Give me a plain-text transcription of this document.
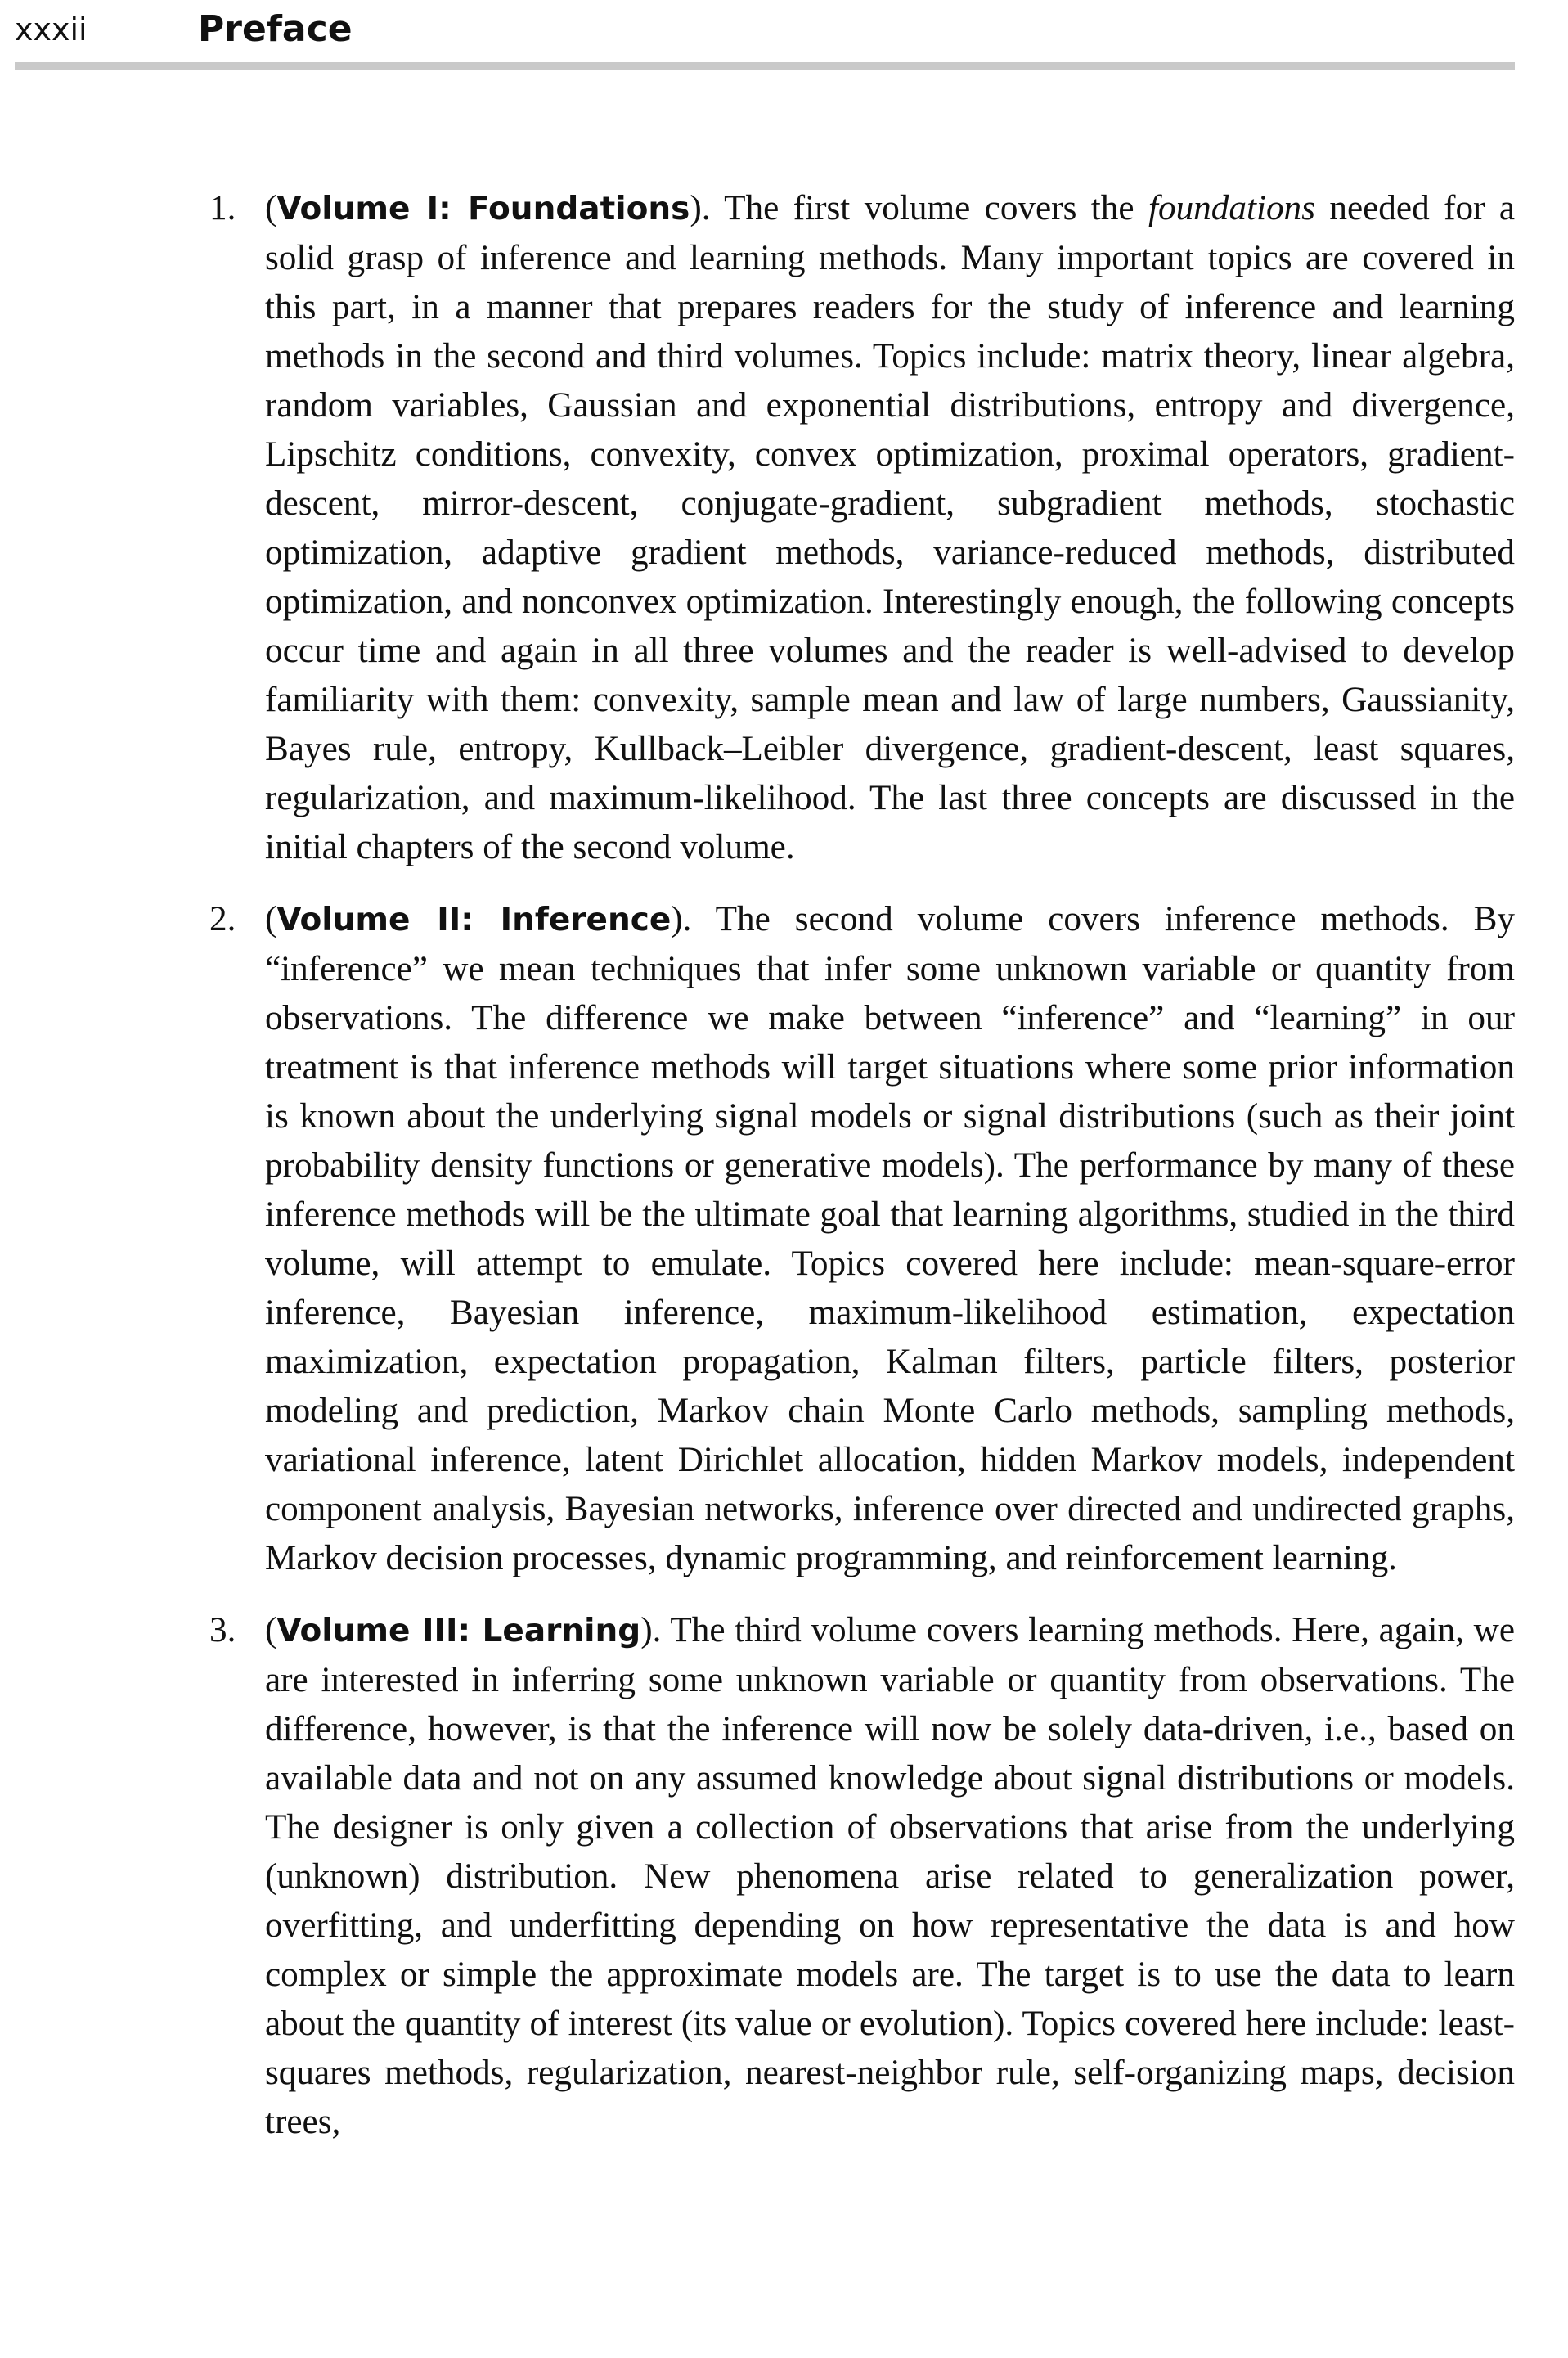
xxxii	Preface
1. (Volume I: Foundations). The first volume covers the foundations needed for a solid grasp of inference and learning methods. Many important topics are covered in this part, in a manner that prepares readers for the study of inference and learning methods in the second and third volumes. Topics include: matrix theory, linear algebra, random variables, Gaussian and exponential distributions, entropy and divergence, Lipschitz conditions, convexity, convex optimization, proximal operators, gradient-descent, mirror-descent, conjugate-gradient, subgradient methods, stochastic optimization, adaptive gradient methods, variance-reduced methods, distributed optimization, and nonconvex optimization. Interestingly enough, the following concepts occur time and again in all three volumes and the reader is well-advised to develop familiarity with them: convexity, sample mean and law of large numbers, Gaussianity, Bayes rule, entropy, Kullback–Leibler divergence, gradient-descent, least squares, regularization, and maximum-likelihood. The last three concepts are discussed in the initial chapters of the second volume.
2. (Volume II: Inference). The second volume covers inference methods. By “inference” we mean techniques that infer some unknown variable or quantity from observations. The difference we make between “inference” and “learning” in our treatment is that inference methods will target situations where some prior information is known about the underlying signal models or signal distributions (such as their joint probability density functions or generative models). The performance by many of these inference methods will be the ultimate goal that learning algorithms, studied in the third volume, will attempt to emulate. Topics covered here include: mean-square-error inference, Bayesian inference, maximum-likelihood estimation, expectation maximization, expectation propagation, Kalman filters, particle filters, posterior modeling and prediction, Markov chain Monte Carlo methods, sampling methods, variational inference, latent Dirichlet allocation, hidden Markov models, independent component analysis, Bayesian networks, inference over directed and undirected graphs, Markov decision processes, dynamic programming, and reinforcement learning.
3. (Volume III: Learning). The third volume covers learning methods. Here, again, we are interested in inferring some unknown variable or quantity from observations. The difference, however, is that the inference will now be solely data-driven, i.e., based on available data and not on any assumed knowledge about signal distributions or models. The designer is only given a collection of observations that arise from the underlying (unknown) distribution. New phenomena arise related to generalization power, overfitting, and underfitting depending on how representative the data is and how complex or simple the approximate models are. The target is to use the data to learn about the quantity of interest (its value or evolution). Topics covered here include: least-squares methods, regularization, nearest-neighbor rule, self-organizing maps, decision trees,
